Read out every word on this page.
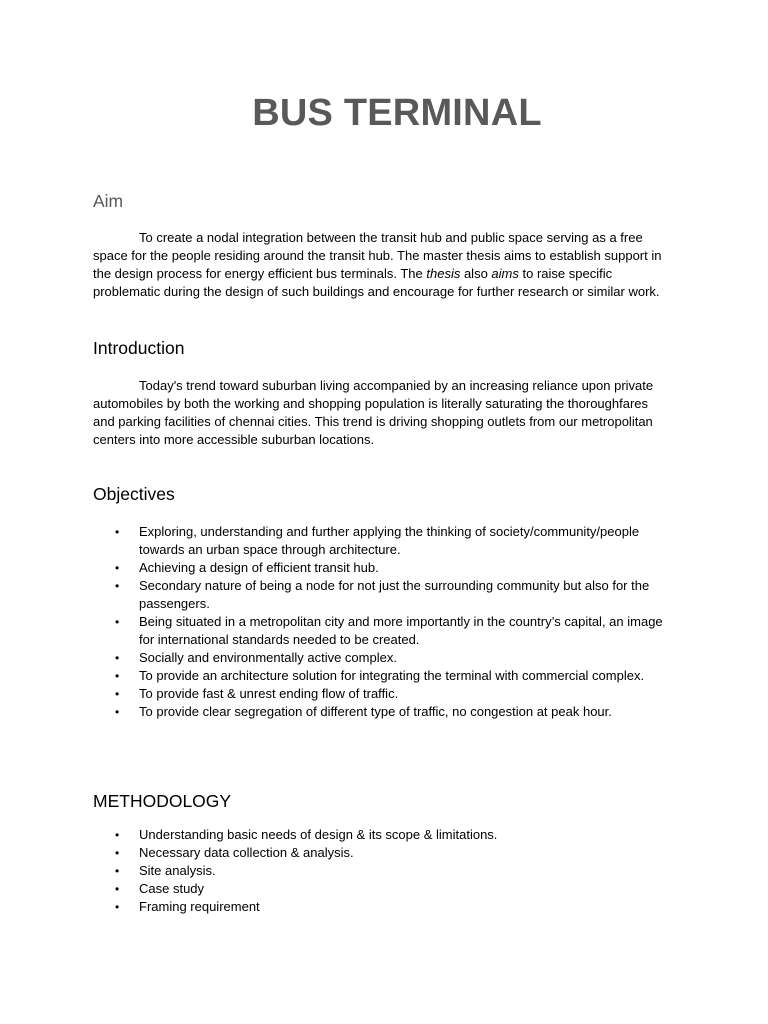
BUS TERMINAL
Aim
To create a nodal integration between the transit hub and public space serving as a free space for the people residing around the transit hub. The master thesis aims to establish support in the design process for energy efficient bus terminals. The thesis also aims to raise specific problematic during the design of such buildings and encourage for further research or similar work.
Introduction
Today's trend toward suburban living accompanied by an increasing reliance upon private automobiles by both the working and shopping population is literally saturating the thoroughfares and parking facilities of chennai cities. This trend is driving shopping outlets from our metropolitan centers into more accessible suburban locations.
Objectives
• Exploring, understanding and further applying the thinking of society/community/people towards an urban space through architecture.
• Achieving a design of efficient transit hub.
• Secondary nature of being a node for not just the surrounding community but also for the passengers.
• Being situated in a metropolitan city and more importantly in the country’s capital, an image for international standards needed to be created.
• Socially and environmentally active complex.
• To provide an architecture solution for integrating the terminal with commercial complex.
• To provide fast & unrest ending flow of traffic.
• To provide clear segregation of different type of traffic, no congestion at peak hour.
METHODOLOGY
• Understanding basic needs of design & its scope & limitations.
• Necessary data collection & analysis.
• Site analysis.
• Case study
• Framing requirement
